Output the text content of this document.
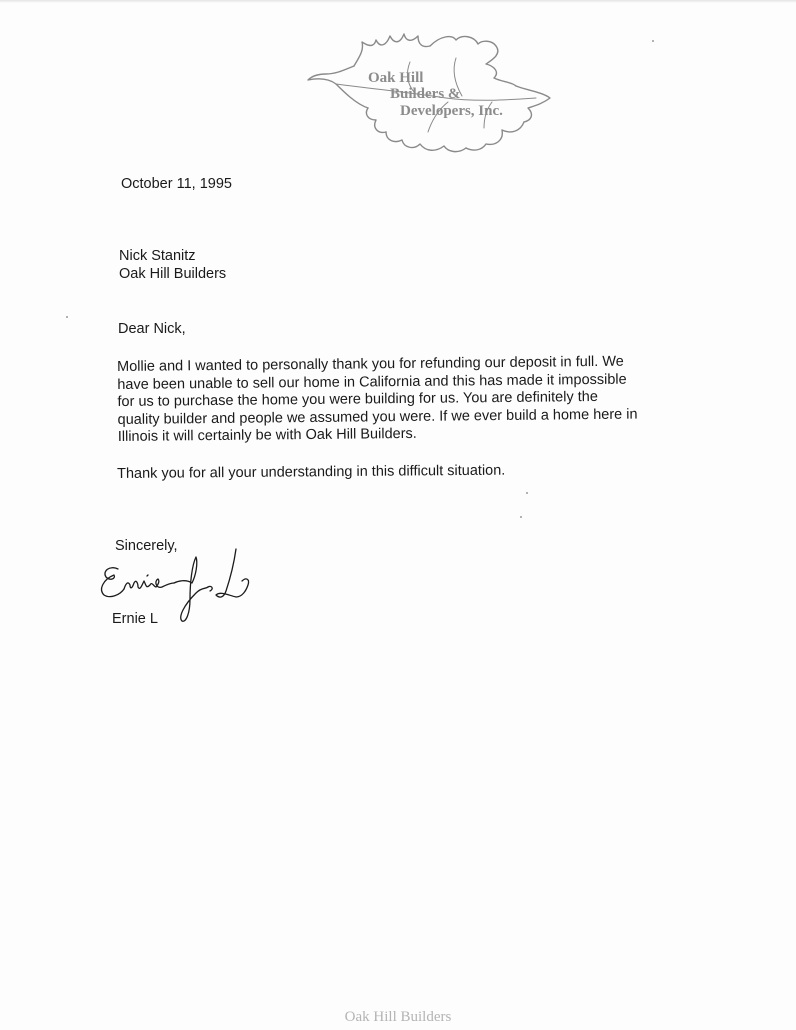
Oak Hill
Builders &
Developers, Inc.
October 11, 1995
Nick Stanitz
Oak Hill Builders
Dear Nick,
Mollie and I wanted to personally thank you for refunding our deposit in full. We
have been unable to sell our home in California and this has made it impossible
for us to purchase the home you were building for us. You are definitely the
quality builder and people we assumed you were. If we ever build a home here in
Illinois it will certainly be with Oak Hill Builders.
Thank you for all your understanding in this difficult situation.
Sincerely,
Ernie L
Oak Hill Builders
